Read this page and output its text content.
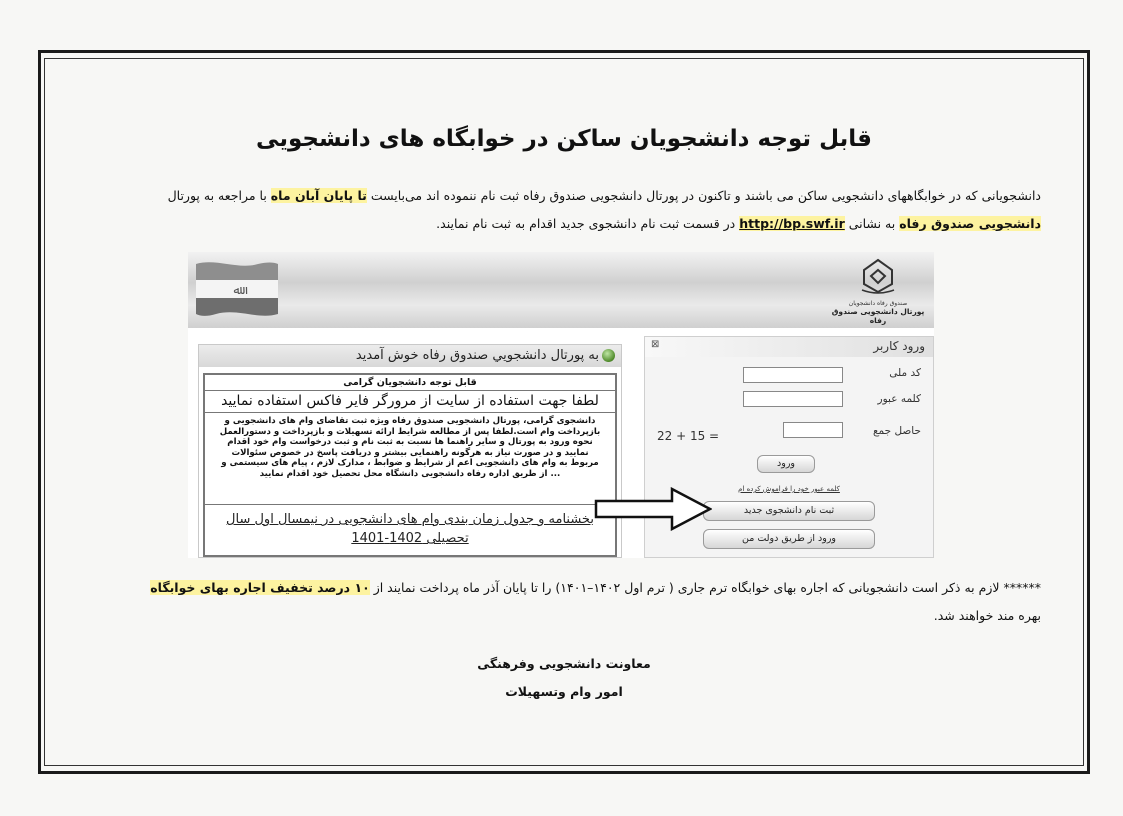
قابل توجه دانشجویان ساکن در خوابگاه های دانشجویی
دانشجویانی که در خوابگاههای دانشجویی ساکن می باشند و تاکنون در پورتال دانشجویی صندوق رفاه ثبت نام ننموده اند می‌بایست تا پایان آبان ماه با مراجعه به پورتال
دانشجویی صندوق رفاه به نشانی http://bp.swf.ir در قسمت ثبت نام دانشجوی جدید اقدام به ثبت نام نمایند.
ﷲ
صندوق رفاه دانشجویان
پورتال دانشجویی صندوق رفاه
ورود کاربر
⊠
کد ملی
کلمه عبور
حاصل جمع
22 + 15 =
ورود
کلمه عبور خود را فراموش کرده ام
ثبت نام دانشجوی جدید
ورود از طریق دولت من
به پورتال دانشجويي صندوق رفاه خوش آمديد
قابل توجه دانشجويان گرامی
لطفا جهت استفاده از سایت از مرورگر فایر فاکس استفاده نمایید
دانشجوی گرامی، پورتال دانشجویی صندوق رفاه ویژه ثبت تقاضای وام های دانشجویی و بازپرداخت وام است.لطفا پس از مطالعه شرایط ارائه تسهیلات و بازپرداخت و دستورالعمل نحوه ورود به پورتال و سایر راهنما ها نسبت به ثبت نام و ثبت درخواست وام خود اقدام نمایید و در صورت نیاز به هرگونه راهنمایی بیشتر و دریافت پاسخ در خصوص سئوالات مربوط به وام های دانشجویی اعم از شرایط و ضوابط ، مدارک لازم ، پیام های سیستمی و ... از طریق اداره رفاه دانشجویی دانشگاه محل تحصیل خود اقدام نمایید
بخشنامه و جدول زمان بندی وام های دانشجویی در نیمسال اول سال تحصیلی 1402-1401
****** لازم به ذکر است دانشجویانی که اجاره بهای خوابگاه ترم جاری ( ترم اول ۱۴۰۲–۱۴۰۱) را تا پایان آذر ماه پرداخت نمایند از ۱۰ درصد تخفیف اجاره بهای خوابگاه
بهره مند خواهند شد.
معاونت دانشجویی وفرهنگی
امور وام وتسهیلات
